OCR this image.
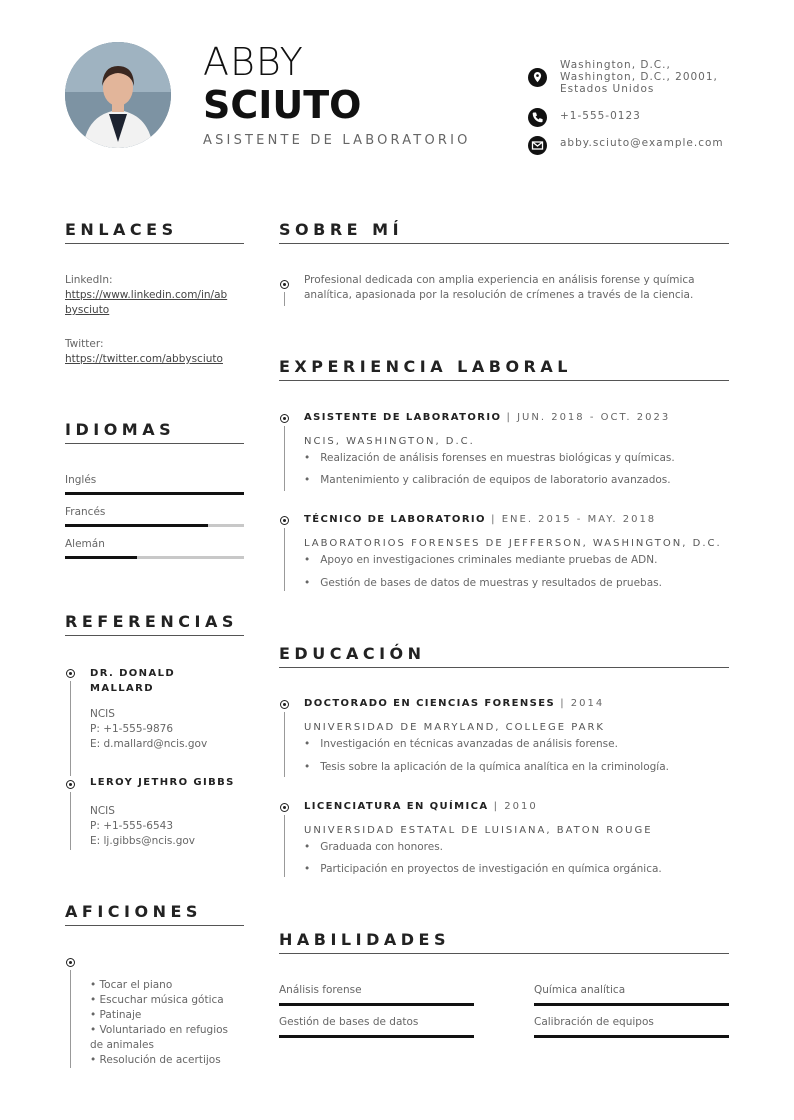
ABBY
SCIUTO
ASISTENTE DE LABORATORIO
Washington, D.C.,
Washington, D.C., 20001,
Estados Unidos
+1-555-0123
abby.sciuto@example.com
ENLACES
LinkedIn:
https://www.linkedin.com/in/ab
bysciuto
Twitter:
https://twitter.com/abbysciuto
IDIOMAS
Inglés
Francés
Alemán
REFERENCIAS
DR. DONALD
MALLARD
NCIS
P: +1-555-9876
E: d.mallard@ncis.gov
LEROY JETHRO GIBBS
NCIS
P: +1-555-6543
E: lj.gibbs@ncis.gov
AFICIONES
• Tocar el piano
• Escuchar música gótica
• Patinaje
• Voluntariado en refugios
de animales
• Resolución de acertijos
SOBRE MÍ
Profesional dedicada con amplia experiencia en análisis forense y química
analítica, apasionada por la resolución de crímenes a través de la ciencia.
EXPERIENCIA LABORAL
ASISTENTE DE LABORATORIO | JUN. 2018 - OCT. 2023
NCIS, WASHINGTON, D.C.
•   Realización de análisis forenses en muestras biológicas y químicas.
•   Mantenimiento y calibración de equipos de laboratorio avanzados.
TÉCNICO DE LABORATORIO | ENE. 2015 - MAY. 2018
LABORATORIOS FORENSES DE JEFFERSON, WASHINGTON, D.C.
•   Apoyo en investigaciones criminales mediante pruebas de ADN.
•   Gestión de bases de datos de muestras y resultados de pruebas.
EDUCACIÓN
DOCTORADO EN CIENCIAS FORENSES | 2014
UNIVERSIDAD DE MARYLAND, COLLEGE PARK
•   Investigación en técnicas avanzadas de análisis forense.
•   Tesis sobre la aplicación de la química analítica en la criminología.
LICENCIATURA EN QUÍMICA | 2010
UNIVERSIDAD ESTATAL DE LUISIANA, BATON ROUGE
•   Graduada con honores.
•   Participación en proyectos de investigación en química orgánica.
HABILIDADES
Análisis forense	Química analítica
Gestión de bases de datos	Calibración de equipos
